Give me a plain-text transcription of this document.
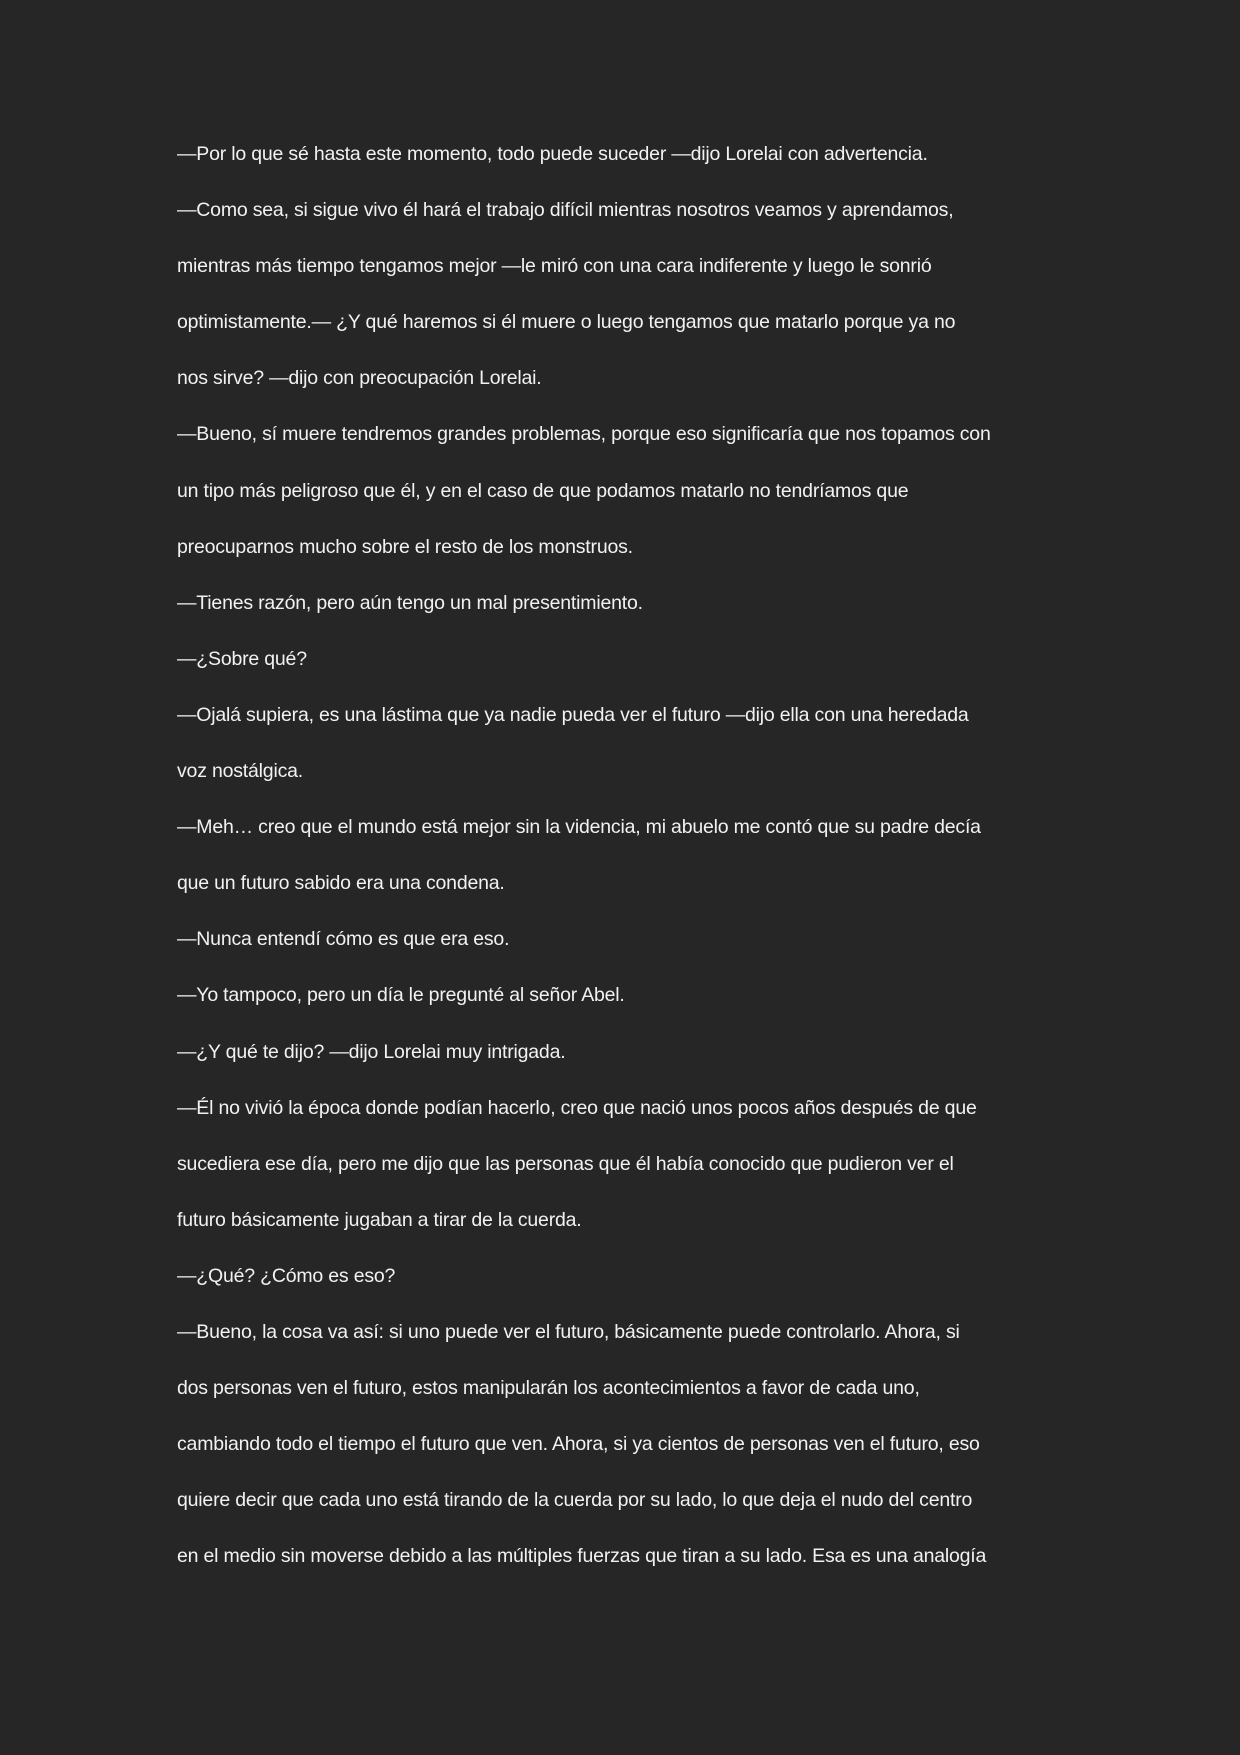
—Por lo que sé hasta este momento, todo puede suceder —dijo Lorelai con advertencia.
—Como sea, si sigue vivo él hará el trabajo difícil mientras nosotros veamos y aprendamos,
mientras más tiempo tengamos mejor —le miró con una cara indiferente y luego le sonrió
optimistamente.— ¿Y qué haremos si él muere o luego tengamos que matarlo porque ya no
nos sirve? —dijo con preocupación Lorelai.
—Bueno, sí muere tendremos grandes problemas, porque eso significaría que nos topamos con
un tipo más peligroso que él, y en el caso de que podamos matarlo no tendríamos que
preocuparnos mucho sobre el resto de los monstruos.
—Tienes razón, pero aún tengo un mal presentimiento.
—¿Sobre qué?
—Ojalá supiera, es una lástima que ya nadie pueda ver el futuro —dijo ella con una heredada
voz nostálgica.
—Meh… creo que el mundo está mejor sin la videncia, mi abuelo me contó que su padre decía
que un futuro sabido era una condena.
—Nunca entendí cómo es que era eso.
—Yo tampoco, pero un día le pregunté al señor Abel.
—¿Y qué te dijo? —dijo Lorelai muy intrigada.
—Él no vivió la época donde podían hacerlo, creo que nació unos pocos años después de que
sucediera ese día, pero me dijo que las personas que él había conocido que pudieron ver el
futuro básicamente jugaban a tirar de la cuerda.
—¿Qué? ¿Cómo es eso?
—Bueno, la cosa va así: si uno puede ver el futuro, básicamente puede controlarlo. Ahora, si
dos personas ven el futuro, estos manipularán los acontecimientos a favor de cada uno,
cambiando todo el tiempo el futuro que ven. Ahora, si ya cientos de personas ven el futuro, eso
quiere decir que cada uno está tirando de la cuerda por su lado, lo que deja el nudo del centro
en el medio sin moverse debido a las múltiples fuerzas que tiran a su lado. Esa es una analogía
